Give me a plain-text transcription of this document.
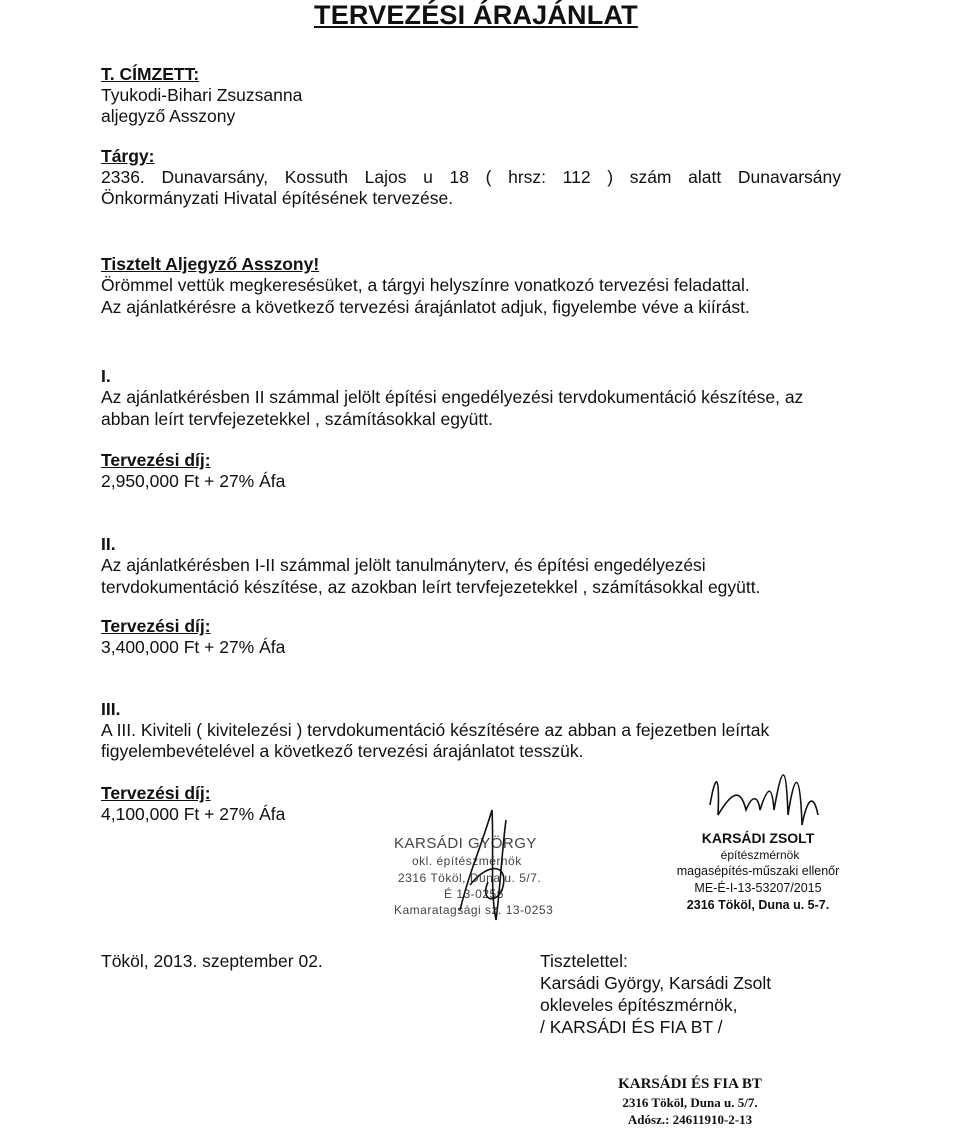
TERVEZÉSI ÁRAJÁNLAT
T. CÍMZETT:
Tyukodi-Bihari Zsuzsanna
aljegyző Asszony
Tárgy:
2336. Dunavarsány, Kossuth Lajos u 18 ( hrsz: 112 ) szám alatt Dunavarsány
Önkormányzati Hivatal építésének tervezése.
Tisztelt Aljegyző Asszony!
Örömmel vettük megkeresésüket, a tárgyi helyszínre vonatkozó tervezési feladattal.
Az ajánlatkérésre a következő tervezési árajánlatot adjuk, figyelembe véve a kiírást.
I.
Az ajánlatkérésben II számmal jelölt építési engedélyezési tervdokumentáció készítése, az
abban leírt tervfejezetekkel , számításokkal együtt.
Tervezési díj:
2,950,000 Ft + 27% Áfa
II.
Az ajánlatkérésben I-II számmal jelölt tanulmányterv, és építési engedélyezési
tervdokumentáció készítése, az azokban leírt tervfejezetekkel , számításokkal együtt.
Tervezési díj:
3,400,000 Ft + 27% Áfa
III.
A III. Kiviteli ( kivitelezési ) tervdokumentáció készítésére az abban a fejezetben leírtak
figyelembevételével a következő tervezési árajánlatot tesszük.
Tervezési díj:
4,100,000 Ft + 27% Áfa
KARSÁDI GYÖRGY
okl. építészmérnök
2316 Tököl, Duna u. 5/7.
É 13-0256
Kamaratagsági sz. 13-0253
KARSÁDI ZSOLT
építészmérnök
magasépítés-műszaki ellenőr
ME-É-I-13-53207/2015
2316 Tököl, Duna u. 5-7.
Tököl, 2013. szeptember 02.	Tisztelettel:
Karsádi György, Karsádi Zsolt
okleveles építészmérnök,
/ KARSÁDI ÉS FIA BT /
KARSÁDI ÉS FIA BT
2316 Tököl, Duna u. 5/7.
Adósz.: 24611910-2-13
